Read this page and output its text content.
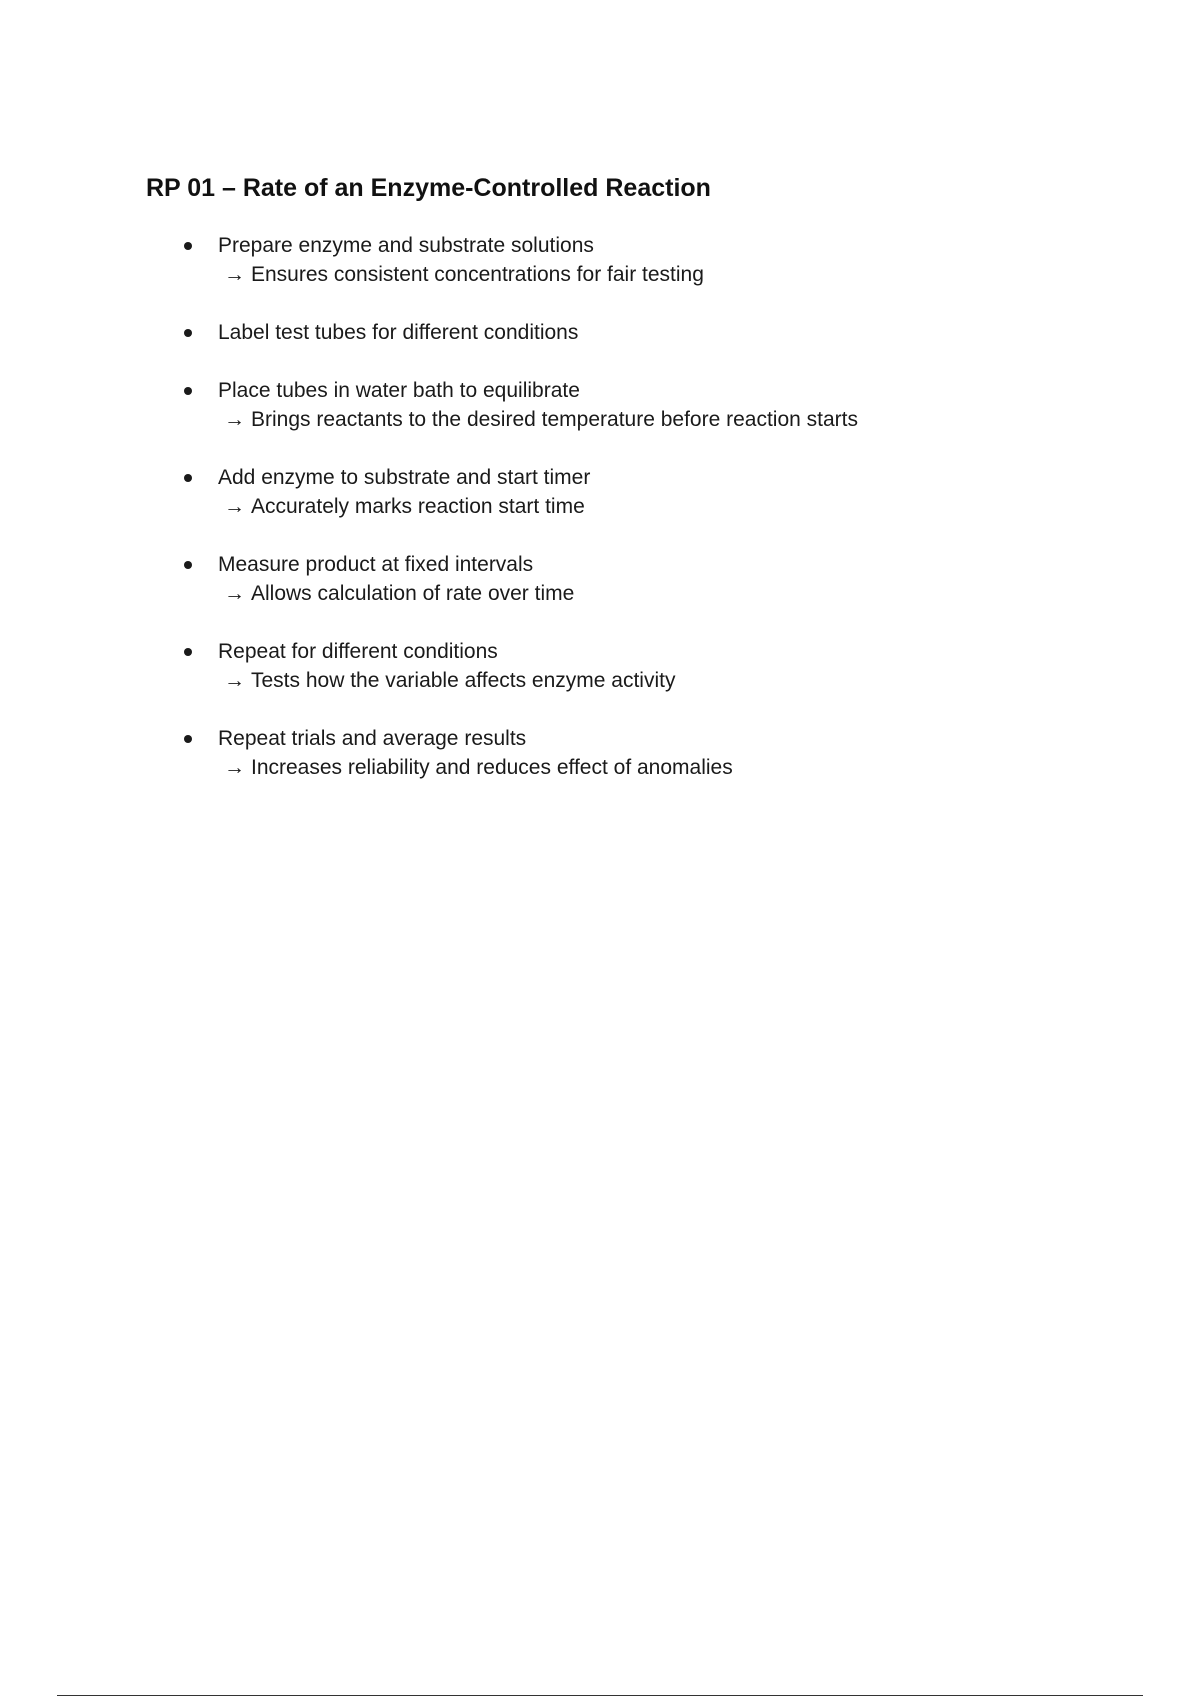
RP 01 – Rate of an Enzyme-Controlled Reaction
Prepare enzyme and substrate solutions
→ Ensures consistent concentrations for fair testing
Label test tubes for different conditions
Place tubes in water bath to equilibrate
→ Brings reactants to the desired temperature before reaction starts
Add enzyme to substrate and start timer
→ Accurately marks reaction start time
Measure product at fixed intervals
→ Allows calculation of rate over time
Repeat for different conditions
→ Tests how the variable affects enzyme activity
Repeat trials and average results
→ Increases reliability and reduces effect of anomalies
